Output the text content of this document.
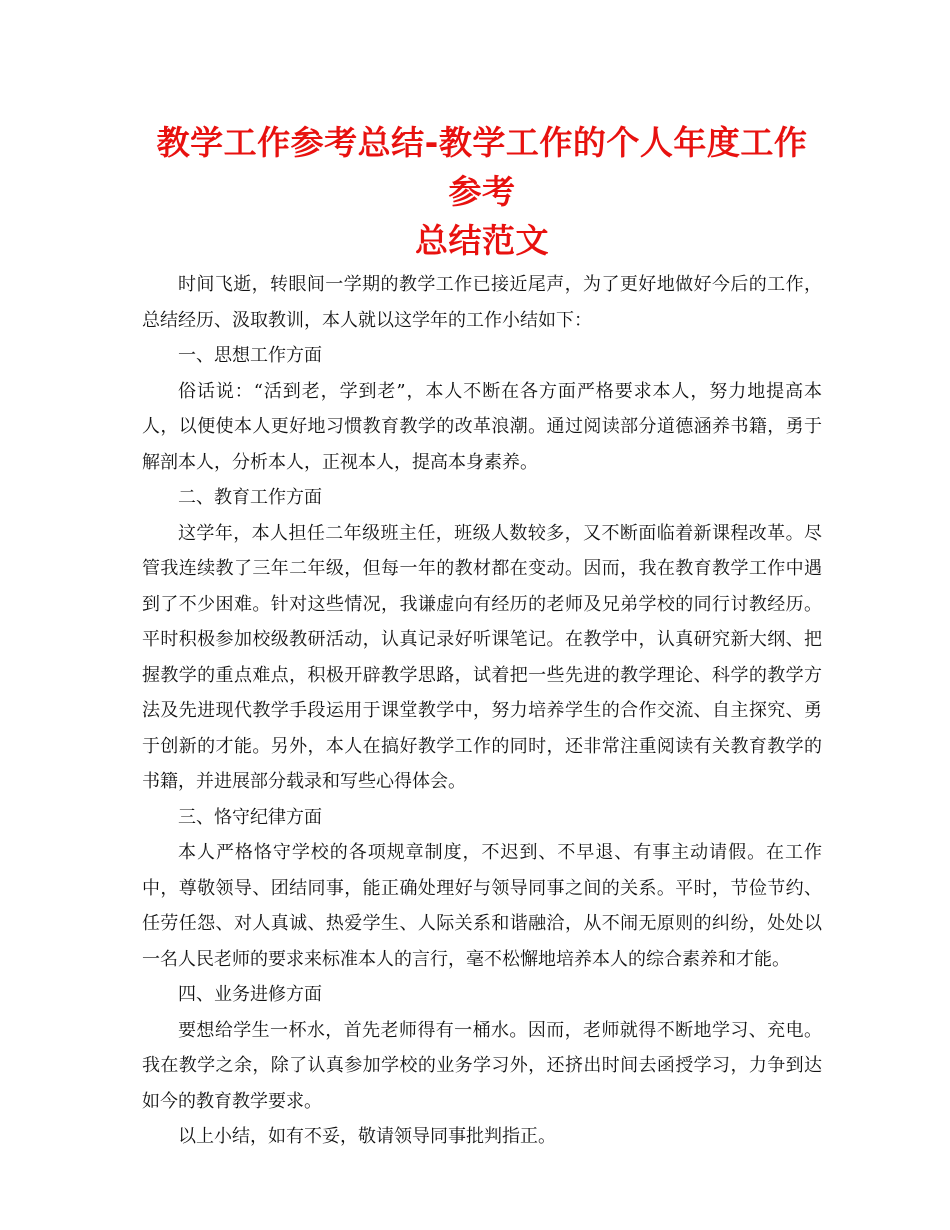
教学工作参考总结-教学工作的个人年度工作参考
总结范文

时间飞逝，转眼间一学期的教学工作已接近尾声，为了更好地做好今后的工作，总结经历、汲取教训，本人就以这学年的工作小结如下：

一、思想工作方面

俗话说：“活到老，学到老”，本人不断在各方面严格要求本人，努力地提高本人，以便使本人更好地习惯教育教学的改革浪潮。通过阅读部分道德涵养书籍，勇于解剖本人，分析本人，正视本人，提高本身素养。

二、教育工作方面

这学年，本人担任二年级班主任，班级人数较多，又不断面临着新课程改革。尽管我连续教了三年二年级，但每一年的教材都在变动。因而，我在教育教学工作中遇到了不少困难。针对这些情况，我谦虚向有经历的老师及兄弟学校的同行讨教经历。平时积极参加校级教研活动，认真记录好听课笔记。在教学中，认真研究新大纲、把握教学的重点难点，积极开辟教学思路，试着把一些先进的教学理论、科学的教学方法及先进现代教学手段运用于课堂教学中，努力培养学生的合作交流、自主探究、勇于创新的才能。另外，本人在搞好教学工作的同时，还非常注重阅读有关教育教学的书籍，并进展部分载录和写些心得体会。

三、恪守纪律方面

本人严格恪守学校的各项规章制度，不迟到、不早退、有事主动请假。在工作中，尊敬领导、团结同事，能正确处理好与领导同事之间的关系。平时，节俭节约、任劳任怨、对人真诚、热爱学生、人际关系和谐融洽，从不闹无原则的纠纷，处处以一名人民老师的要求来标准本人的言行，毫不松懈地培养本人的综合素养和才能。

四、业务进修方面

要想给学生一杯水，首先老师得有一桶水。因而，老师就得不断地学习、充电。我在教学之余，除了认真参加学校的业务学习外，还挤出时间去函授学习，力争到达如今的教育教学要求。

以上小结，如有不妥，敬请领导同事批判指正。
